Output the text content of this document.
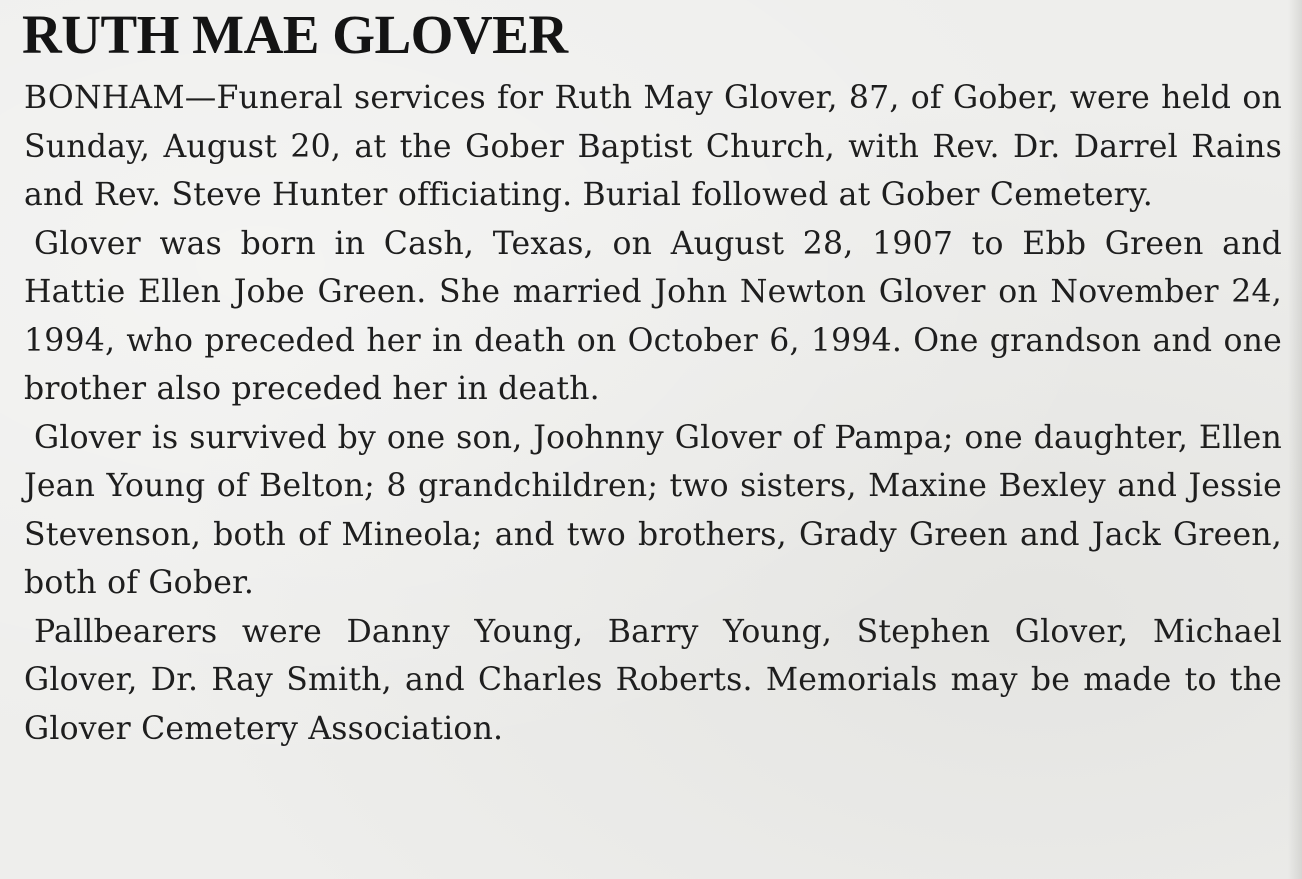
RUTH MAE GLOVER

BONHAM—Funeral services for Ruth May Glover, 87, of Gober, were held on Sunday, August 20, at the Gober Baptist Church, with Rev. Dr. Darrel Rains and Rev. Steve Hunter officiating. Burial followed at Gober Cemetery.

Glover was born in Cash, Texas, on August 28, 1907 to Ebb Green and Hattie Ellen Jobe Green. She married John Newton Glover on November 24, 1994, who preceded her in death on October 6, 1994. One grandson and one brother also preceded her in death.

Glover is survived by one son, Joohnny Glover of Pampa; one daughter, Ellen Jean Young of Belton; 8 grandchildren; two sisters, Maxine Bexley and Jessie Stevenson, both of Mineola; and two brothers, Grady Green and Jack Green, both of Gober.

Pallbearers were Danny Young, Barry Young, Stephen Glover, Michael Glover, Dr. Ray Smith, and Charles Roberts. Memorials may be made to the Glover Cemetery Association.
